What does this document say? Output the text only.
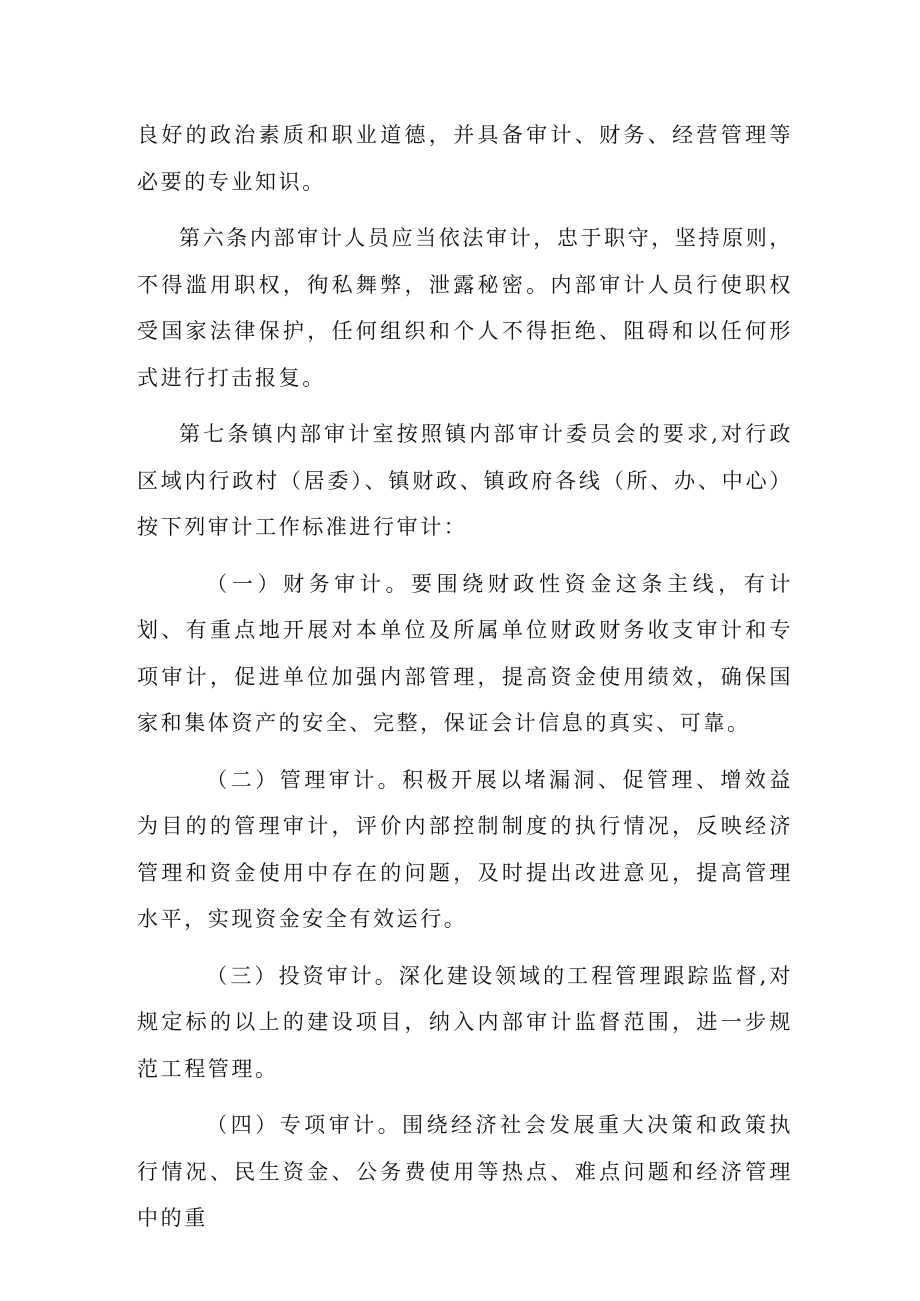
良好的政治素质和职业道德，并具备审计、财务、经营管理等必要的专业知识。

第六条内部审计人员应当依法审计，忠于职守，坚持原则，不得滥用职权，徇私舞弊，泄露秘密。内部审计人员行使职权受国家法律保护，任何组织和个人不得拒绝、阻碍和以任何形式进行打击报复。

第七条镇内部审计室按照镇内部审计委员会的要求,对行政区域内行政村（居委）、镇财政、镇政府各线（所、办、中心）按下列审计工作标准进行审计：

（一）财务审计。要围绕财政性资金这条主线，有计划、有重点地开展对本单位及所属单位财政财务收支审计和专项审计，促进单位加强内部管理，提高资金使用绩效，确保国家和集体资产的安全、完整，保证会计信息的真实、可靠。

（二）管理审计。积极开展以堵漏洞、促管理、增效益为目的的管理审计，评价内部控制制度的执行情况，反映经济管理和资金使用中存在的问题，及时提出改进意见，提高管理水平，实现资金安全有效运行。

（三）投资审计。深化建设领域的工程管理跟踪监督,对规定标的以上的建设项目，纳入内部审计监督范围，进一步规范工程管理。

（四）专项审计。围绕经济社会发展重大决策和政策执行情况、民生资金、公务费使用等热点、难点问题和经济管理中的重
